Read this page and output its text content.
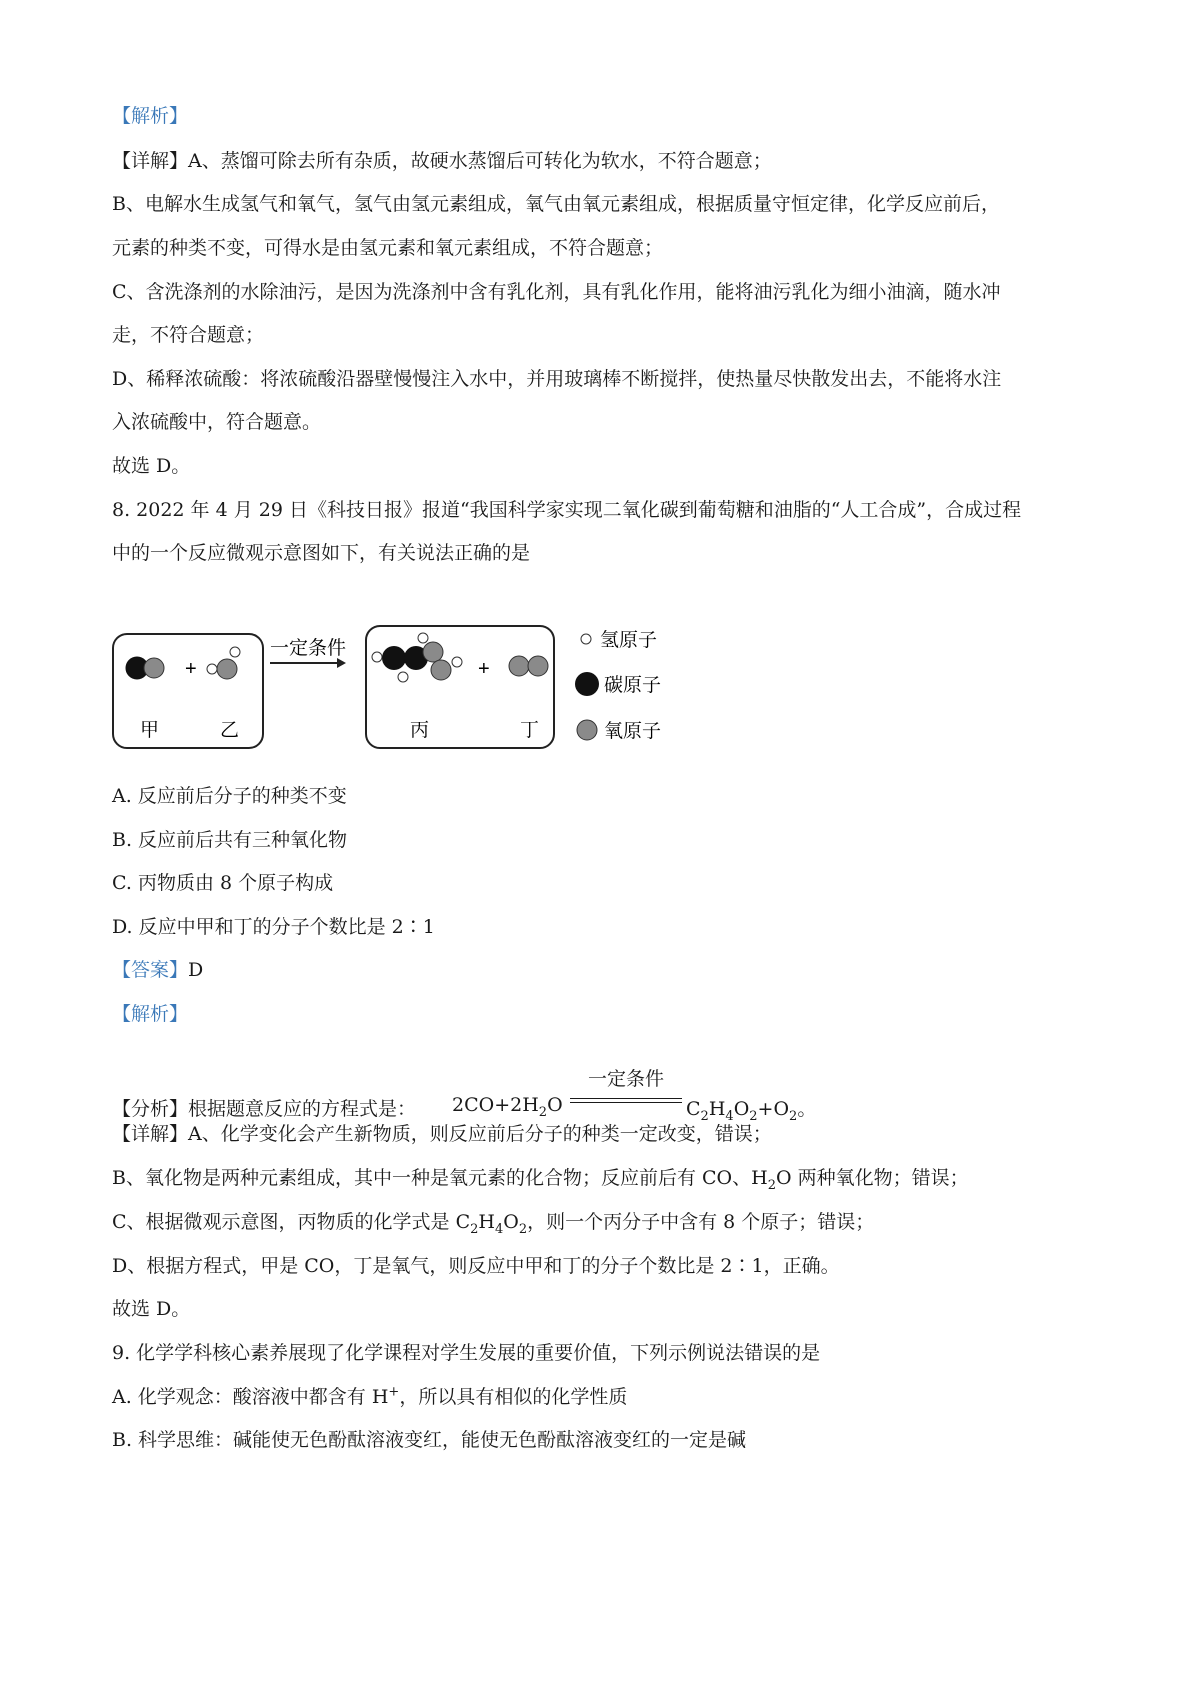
【解析】
【详解】A、蒸馏可除去所有杂质，故硬水蒸馏后可转化为软水，不符合题意；
B、电解水生成氢气和氧气，氢气由氢元素组成，氧气由氧元素组成，根据质量守恒定律，化学反应前后，
元素的种类不变，可得水是由氢元素和氧元素组成，不符合题意；
C、含洗涤剂的水除油污，是因为洗涤剂中含有乳化剂，具有乳化作用，能将油污乳化为细小油滴，随水冲
走，不符合题意；
D、稀释浓硫酸：将浓硫酸沿器壁慢慢注入水中，并用玻璃棒不断搅拌，使热量尽快散发出去，不能将水注
入浓硫酸中，符合题意。
故选 D。
8. 2022 年 4 月 29 日《科技日报》报道“我国科学家实现二氧化碳到葡萄糖和油脂的“人工合成”，合成过程
中的一个反应微观示意图如下，有关说法正确的是
+
甲	乙
一定条件
+
丙	丁
氢原子
碳原子
氧原子
A. 反应前后分子的种类不变
B. 反应前后共有三种氧化物
C. 丙物质由 8 个原子构成
D. 反应中甲和丁的分子个数比是 2∶1
【答案】D
【解析】
【分析】根据题意反应的方程式是： $2CO+2H_2O$
一定条件
$C_2H_4O_2+O_2$。
【详解】A、化学变化会产生新物质，则反应前后分子的种类一定改变，错误；
B、氧化物是两种元素组成，其中一种是氧元素的化合物；反应前后有 CO、$H_2O$ 两种氧化物；错误；
C、根据微观示意图，丙物质的化学式是 $C_2H_4O_2$，则一个丙分子中含有 8 个原子；错误；
D、根据方程式，甲是 CO，丁是氧气，则反应中甲和丁的分子个数比是 2∶1，正确。
故选 D。
9. 化学学科核心素养展现了化学课程对学生发展的重要价值，下列示例说法错误的是
A. 化学观念：酸溶液中都含有 H+，所以具有相似的化学性质
B. 科学思维：碱能使无色酚酞溶液变红，能使无色酚酞溶液变红的一定是碱
